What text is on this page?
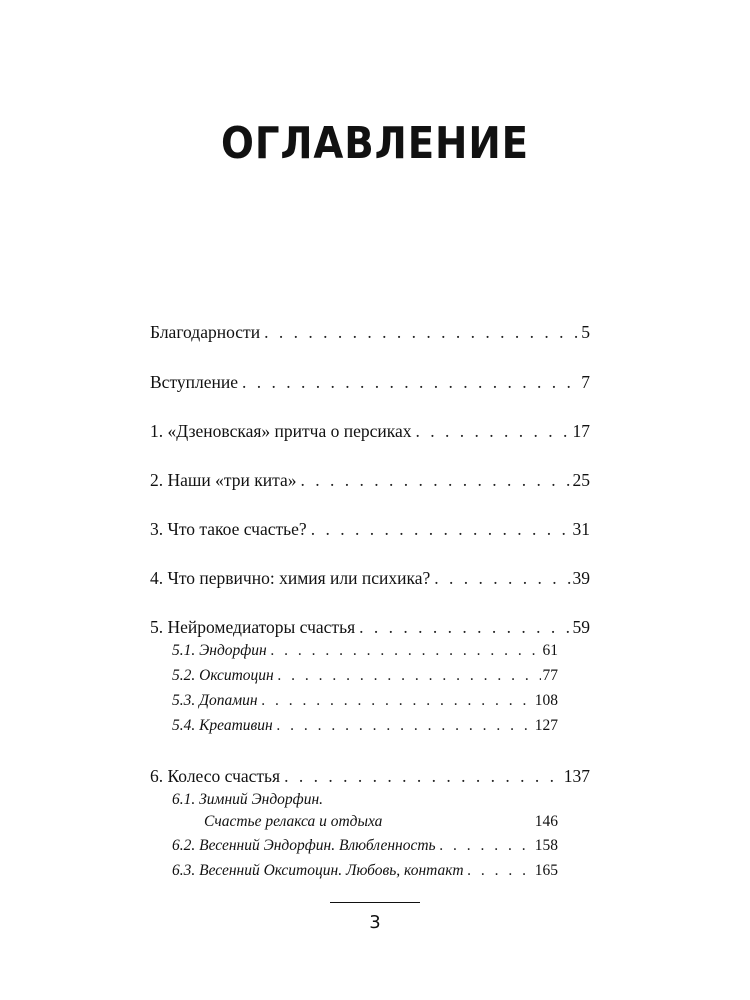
ОГЛАВЛЕНИЕ
Благодарности . . .	5
Вступление . . .	7
1. «Дзеновская» притча о персиках . . .	17
2. Наши «три кита» . . .	25
3. Что такое счастье? . . .	31
4. Что первично: химия или психика? . . .	39
5. Нейромедиаторы счастья . . .	59
5.1. Эндорфин . . .	61
5.2. Окситоцин . . .	77
5.3. Допамин . . .	108
5.4. Креативин . . .	127
6. Колесо счастья . . .	137
6.1. Зимний Эндорфин.
Счастье релакса и отдыха	146
6.2. Весенний Эндорфин. Влюбленность . . .	158
6.3. Весенний Окситоцин. Любовь, контакт . . .	165
3
